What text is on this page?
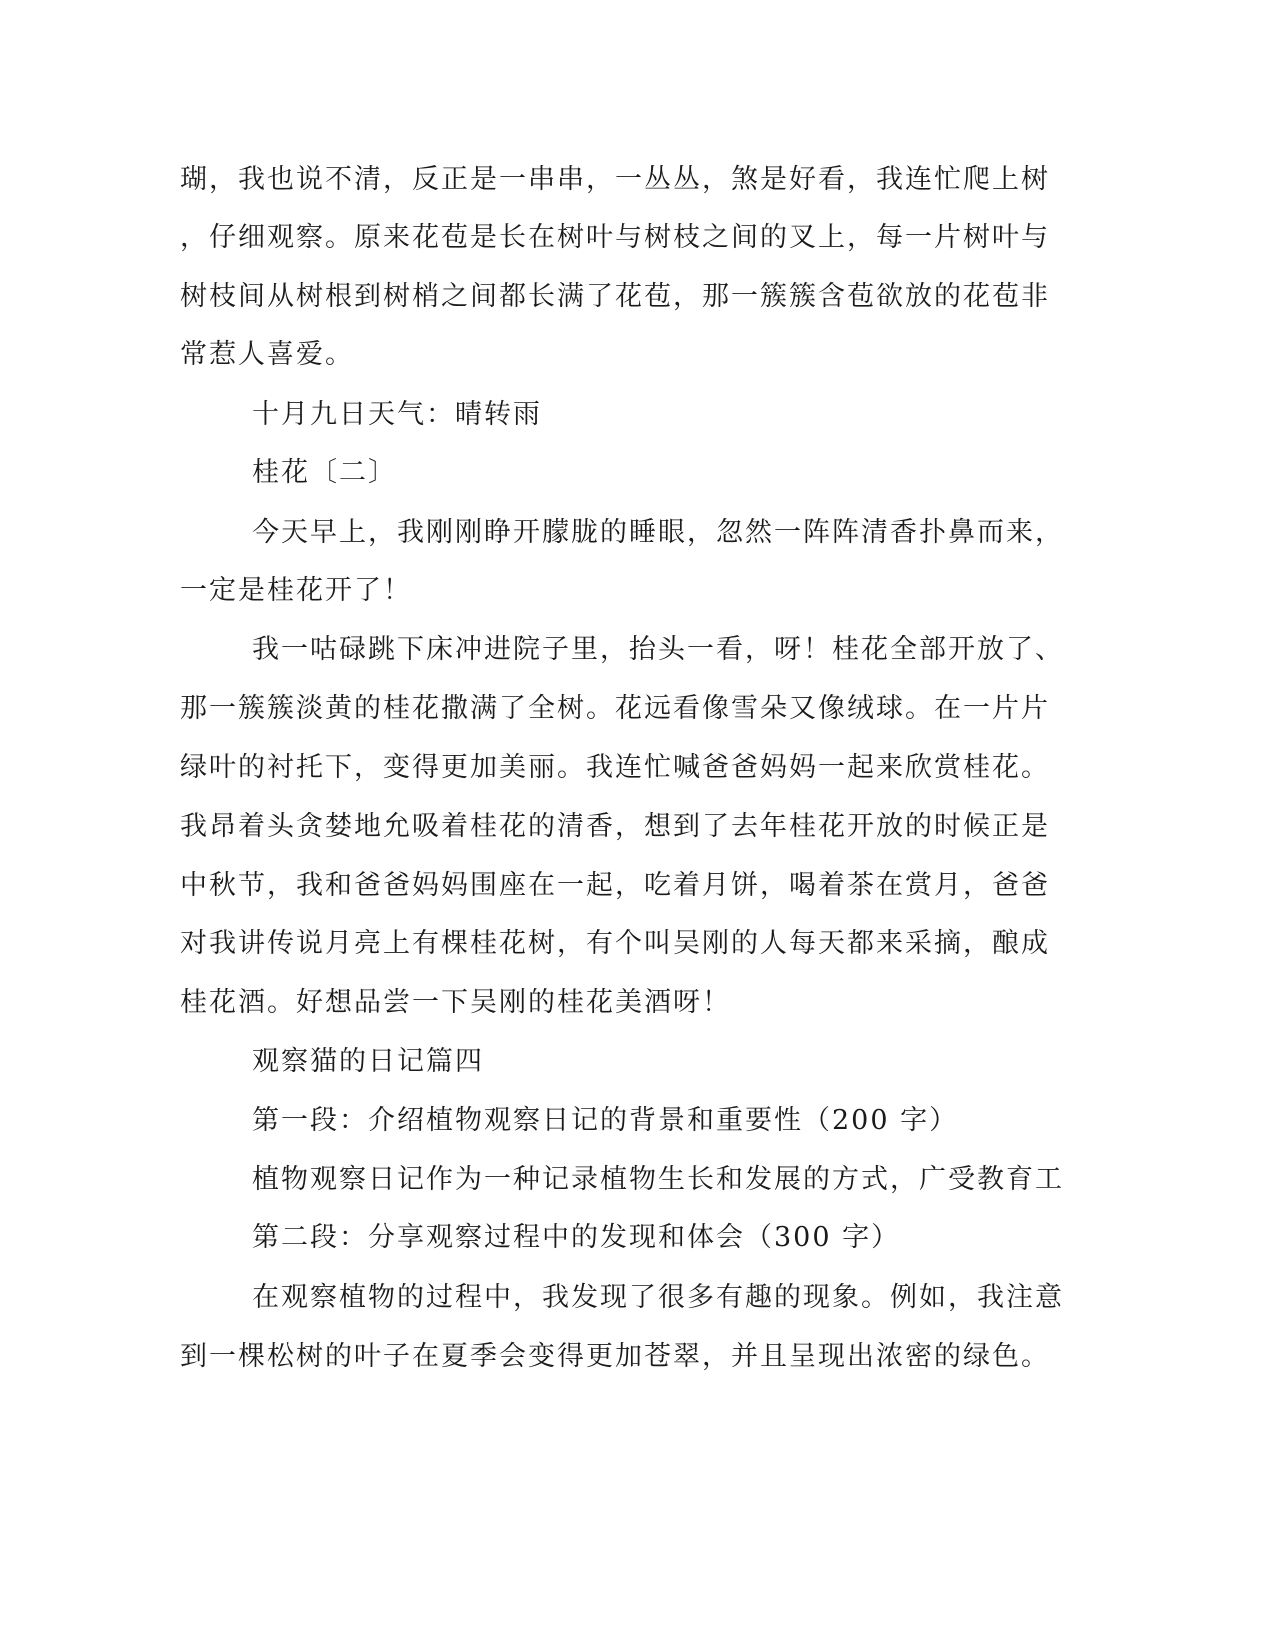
瑚，我也说不清，反正是一串串，一丛丛，煞是好看，我连忙爬上树
，仔细观察。原来花苞是长在树叶与树枝之间的叉上，每一片树叶与
树枝间从树根到树梢之间都长满了花苞，那一簇簇含苞欲放的花苞非
常惹人喜爱。
十月九日天气：晴转雨
桂花〔二〕
今天早上，我刚刚睁开朦胧的睡眼，忽然一阵阵清香扑鼻而来，
一定是桂花开了！
我一咕碌跳下床冲进院子里，抬头一看，呀！桂花全部开放了、
那一簇簇淡黄的桂花撒满了全树。花远看像雪朵又像绒球。在一片片
绿叶的衬托下，变得更加美丽。我连忙喊爸爸妈妈一起来欣赏桂花。
我昂着头贪婪地允吸着桂花的清香，想到了去年桂花开放的时候正是
中秋节，我和爸爸妈妈围座在一起，吃着月饼，喝着茶在赏月，爸爸
对我讲传说月亮上有棵桂花树，有个叫吴刚的人每天都来采摘，酿成
桂花酒。好想品尝一下吴刚的桂花美酒呀！
观察猫的日记篇四
第一段：介绍植物观察日记的背景和重要性（200 字）
植物观察日记作为一种记录植物生长和发展的方式，广受教育工
第二段：分享观察过程中的发现和体会（300 字）
在观察植物的过程中，我发现了很多有趣的现象。例如，我注意
到一棵松树的叶子在夏季会变得更加苍翠，并且呈现出浓密的绿色。
